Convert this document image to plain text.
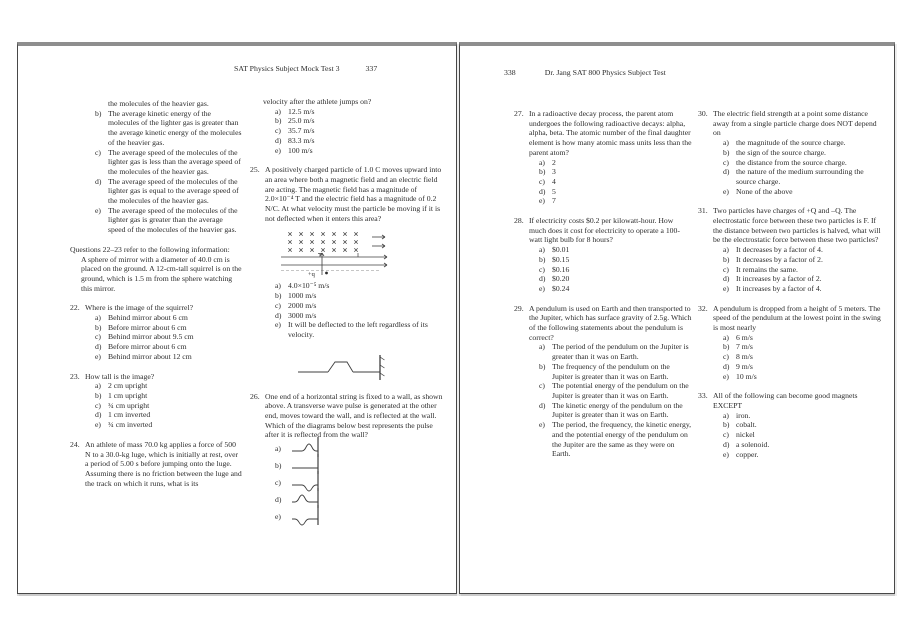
SAT Physics Subject Mock Test 3	337
the molecules of the heavier gas.
b) The average kinetic energy of the molecules of the lighter gas is greater than the average kinetic energy of the molecules of the heavier gas.
c) The average speed of the molecules of the lighter gas is less than the average speed of the molecules of the heavier gas.
d) The average speed of the molecules of the lighter gas is equal to the average speed of the molecules of the heavier gas.
e) The average speed of the molecules of the lighter gas is greater than the average speed of the molecules of the heavier gas.
Questions 22–23 refer to the following information:
A sphere of mirror with a diameter of 40.0 cm is placed on the ground. A 12-cm-tall squirrel is on the ground, which is 1.5 m from the sphere watching this mirror.
22. Where is the image of the squirrel?
a) Behind mirror about 6 cm
b) Before mirror about 6 cm
c) Behind mirror about 9.5 cm
d) Before mirror about 6 cm
e) Behind mirror about 12 cm
23. How tall is the image?
a) 2 cm upright
b) 1 cm upright
c) ¾ cm upright
d) 1 cm inverted
e) ¾ cm inverted
24. An athlete of mass 70.0 kg applies a force of 500 N to a 30.0-kg luge, which is initially at rest, over a period of 5.00 s before jumping onto the luge. Assuming there is no friction between the luge and the track on which it runs, what is its
velocity after the athlete jumps on?
a) 12.5 m/s
b) 25.0 m/s
c) 35.7 m/s
d) 83.3 m/s
e) 100 m/s
25. A positively charged particle of 1.0 C moves upward into an area where both a magnetic field and an electric field are acting. The magnetic field has a magnitude of 2.0×10⁻⁴ T and the electric field has a magnitude of 0.2 N/C. At what velocity must the particle be moving if it is not deflected when it enters this area?
+q
a) 4.0×10⁻⁵ m/s
b) 1000 m/s
c) 2000 m/s
d) 3000 m/s
e) It will be deflected to the left regardless of its velocity.
26. One end of a horizontal string is fixed to a wall, as shown above. A transverse wave pulse is generated at the other end, moves toward the wall, and is reflected at the wall. Which of the diagrams below best represents the pulse after it is reflected from the wall?
a)
b)
c)
d)
e)
338	Dr. Jang SAT 800 Physics Subject Test
27. In a radioactive decay process, the parent atom undergoes the following radioactive decays: alpha, alpha, beta. The atomic number of the final daughter element is how many atomic mass units less than the parent atom?
a) 2
b) 3
c) 4
d) 5
e) 7
28. If electricity costs $0.2 per kilowatt-hour. How much does it cost for electricity to operate a 100-watt light bulb for 8 hours?
a) $0.01
b) $0.15
c) $0.16
d) $0.20
e) $0.24
29. A pendulum is used on Earth and then transported to the Jupiter, which has surface gravity of 2.5g. Which of the following statements about the pendulum is correct?
a) The period of the pendulum on the Jupiter is greater than it was on Earth.
b) The frequency of the pendulum on the Jupiter is greater than it was on Earth.
c) The potential energy of the pendulum on the Jupiter is greater than it was on Earth.
d) The kinetic energy of the pendulum on the Jupiter is greater than it was on Earth.
e) The period, the frequency, the kinetic energy, and the potential energy of the pendulum on the Jupiter are the same as they were on Earth.
30. The electric field strength at a point some distance away from a single particle charge does NOT depend on
a) the magnitude of the source charge.
b) the sign of the source charge.
c) the distance from the source charge.
d) the nature of the medium surrounding the source charge.
e) None of the above
31. Two particles have charges of +Q and –Q. The electrostatic force between these two particles is F. If the distance between two particles is halved, what will be the electrostatic force between these two particles?
a) It decreases by a factor of 4.
b) It decreases by a factor of 2.
c) It remains the same.
d) It increases by a factor of 2.
e) It increases by a factor of 4.
32. A pendulum is dropped from a height of 5 meters. The speed of the pendulum at the lowest point in the swing is most nearly
a) 6 m/s
b) 7 m/s
c) 8 m/s
d) 9 m/s
e) 10 m/s
33. All of the following can become good magnets EXCEPT
a) iron.
b) cobalt.
c) nickel
d) a solenoid.
e) copper.
